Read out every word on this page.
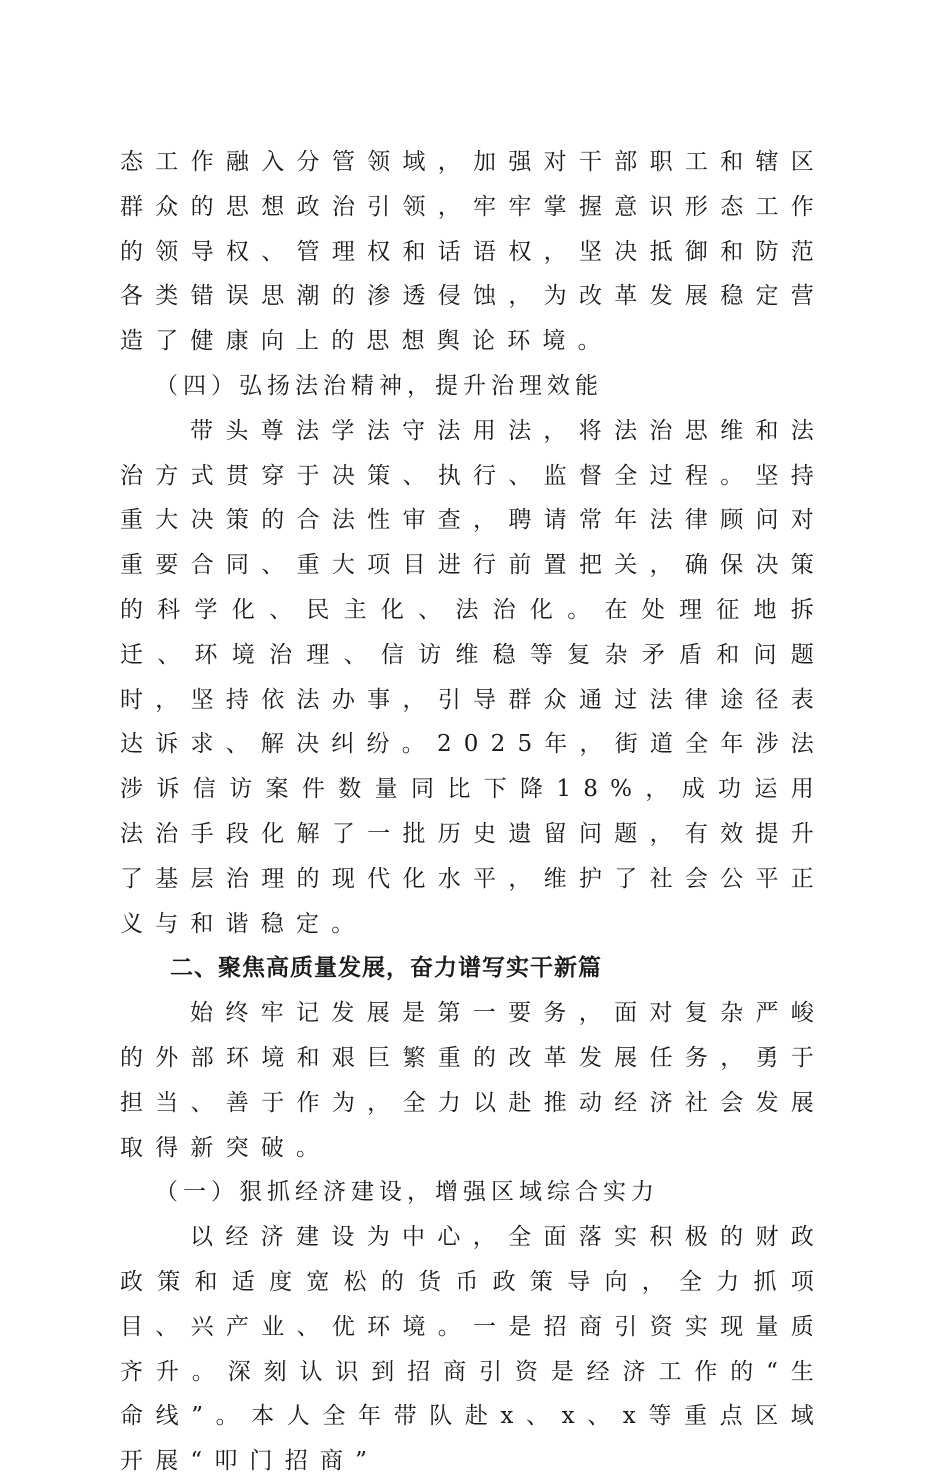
态工作融入分管领域，加强对干部职工和辖区群众的思想政治引领，牢牢掌握意识形态工作的领导权、管理权和话语权，坚决抵御和防范各类错误思潮的渗透侵蚀，为改革发展稳定营造了健康向上的思想舆论环境。

（四）弘扬法治精神，提升治理效能

带头尊法学法守法用法，将法治思维和法治方式贯穿于决策、执行、监督全过程。坚持重大决策的合法性审查，聘请常年法律顾问对重要合同、重大项目进行前置把关，确保决策的科学化、民主化、法治化。在处理征地拆迁、环境治理、信访维稳等复杂矛盾和问题时，坚持依法办事，引导群众通过法律途径表达诉求、解决纠纷。2025年，街道全年涉法涉诉信访案件数量同比下降18%，成功运用法治手段化解了一批历史遗留问题，有效提升了基层治理的现代化水平，维护了社会公平正义与和谐稳定。

二、聚焦高质量发展，奋力谱写实干新篇

始终牢记发展是第一要务，面对复杂严峻的外部环境和艰巨繁重的改革发展任务，勇于担当、善于作为，全力以赴推动经济社会发展取得新突破。

（一）狠抓经济建设，增强区域综合实力

以经济建设为中心，全面落实积极的财政政策和适度宽松的货币政策导向，全力抓项目、兴产业、优环境。一是招商引资实现量质齐升。深刻认识到招商引资是经济工作的“生命线”。本人全年带队赴x、x、x等重点区域开展“叩门招商”
